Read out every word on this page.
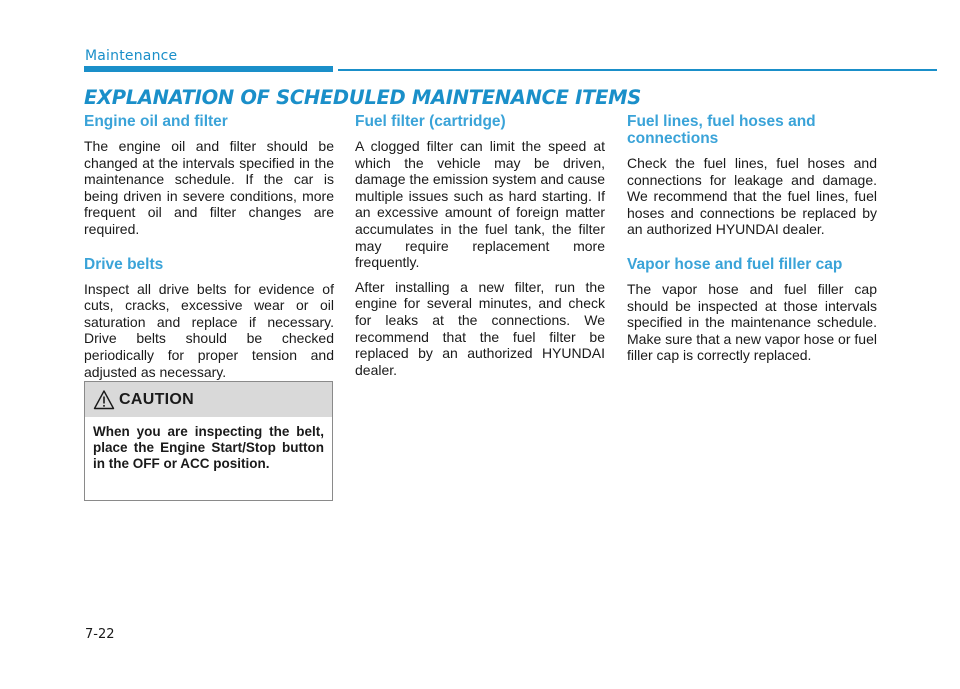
Maintenance
EXPLANATION OF SCHEDULED MAINTENANCE ITEMS
Engine oil and filter

The engine oil and filter should be changed at the intervals specified in the maintenance schedule. If the car is being driven in severe conditions, more frequent oil and filter changes are required.

Drive belts

Inspect all drive belts for evidence of cuts, cracks, excessive wear or oil saturation and replace if necessary. Drive belts should be checked periodically for proper tension and adjusted as necessary.

CAUTION

When you are inspecting the belt, place the Engine Start/Stop button in the OFF or ACC position.

Fuel filter (cartridge)

A clogged filter can limit the speed at which the vehicle may be driven, damage the emission system and cause multiple issues such as hard starting. If an excessive amount of foreign matter accumulates in the fuel tank, the filter may require replacement more frequently.

After installing a new filter, run the engine for several minutes, and check for leaks at the connections. We recommend that the fuel filter be replaced by an authorized HYUNDAI dealer.

Fuel lines, fuel hoses and connections

Check the fuel lines, fuel hoses and connections for leakage and damage. We recommend that the fuel lines, fuel hoses and connections be replaced by an authorized HYUNDAI dealer.

Vapor hose and fuel filler cap

The vapor hose and fuel filler cap should be inspected at those intervals specified in the maintenance schedule. Make sure that a new vapor hose or fuel filler cap is correctly replaced.

7-22
